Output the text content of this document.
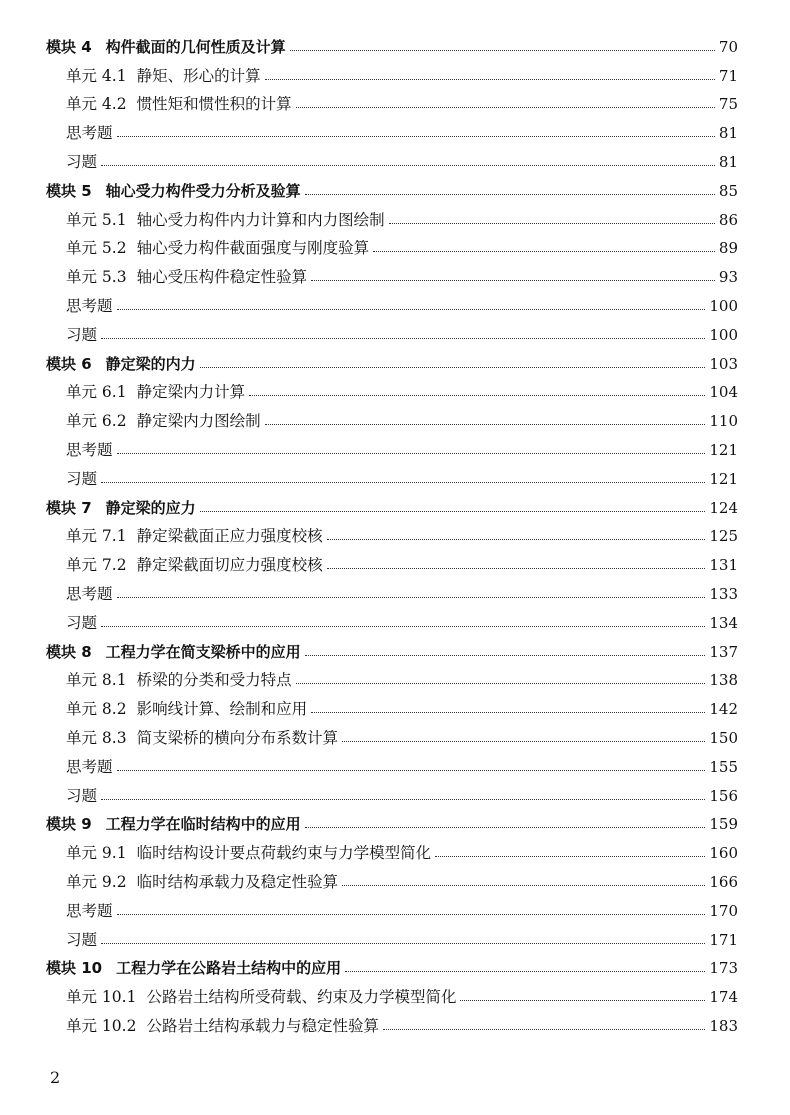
模块 4 构件截面的几何性质及计算	70
单元 4.1 静矩、形心的计算	71
单元 4.2 惯性矩和惯性积的计算	75
思考题	81
习题	81
模块 5 轴心受力构件受力分析及验算	85
单元 5.1 轴心受力构件内力计算和内力图绘制	86
单元 5.2 轴心受力构件截面强度与刚度验算	89
单元 5.3 轴心受压构件稳定性验算	93
思考题	100
习题	100
模块 6 静定梁的内力	103
单元 6.1 静定梁内力计算	104
单元 6.2 静定梁内力图绘制	110
思考题	121
习题	121
模块 7 静定梁的应力	124
单元 7.1 静定梁截面正应力强度校核	125
单元 7.2 静定梁截面切应力强度校核	131
思考题	133
习题	134
模块 8 工程力学在简支梁桥中的应用	137
单元 8.1 桥梁的分类和受力特点	138
单元 8.2 影响线计算、绘制和应用	142
单元 8.3 简支梁桥的横向分布系数计算	150
思考题	155
习题	156
模块 9 工程力学在临时结构中的应用	159
单元 9.1 临时结构设计要点荷载约束与力学模型简化	160
单元 9.2 临时结构承载力及稳定性验算	166
思考题	170
习题	171
模块 10 工程力学在公路岩土结构中的应用	173
单元 10.1 公路岩土结构所受荷载、约束及力学模型简化	174
单元 10.2 公路岩土结构承载力与稳定性验算	183
2
